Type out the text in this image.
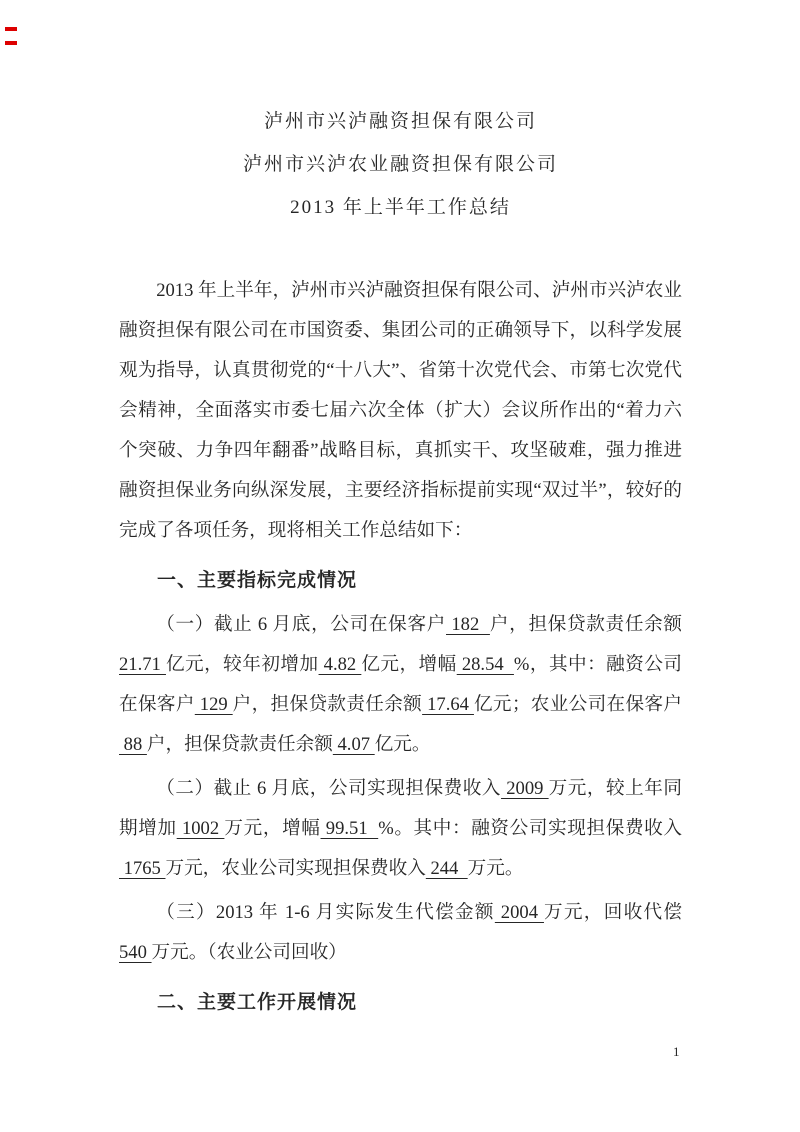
泸州市兴泸融资担保有限公司
泸州市兴泸农业融资担保有限公司
2013 年上半年工作总结

2013 年上半年，泸州市兴泸融资担保有限公司、泸州市兴泸农业融资担保有限公司在市国资委、集团公司的正确领导下，以科学发展观为指导，认真贯彻党的“十八大”、省第十次党代会、市第七次党代会精神，全面落实市委七届六次全体（扩大）会议所作出的“着力六个突破、力争四年翻番”战略目标，真抓实干、攻坚破难，强力推进融资担保业务向纵深发展，主要经济指标提前实现“双过半”，较好的完成了各项任务，现将相关工作总结如下：

一、主要指标完成情况

（一）截止 6 月底，公司在保客户 182  户，担保贷款责任余额21.71 亿元，较年初增加 4.82 亿元，增幅 28.54  %，其中：融资公司在保客户 129 户，担保贷款责任余额 17.64 亿元；农业公司在保客户 88 户，担保贷款责任余额 4.07 亿元。

（二）截止 6 月底，公司实现担保费收入 2009 万元，较上年同期增加 1002 万元，增幅 99.51  %。其中：融资公司实现担保费收入 1765 万元，农业公司实现担保费收入 244  万元。

（三）2013 年 1-6 月实际发生代偿金额 2004 万元，回收代偿540 万元。（农业公司回收）

二、主要工作开展情况

1
